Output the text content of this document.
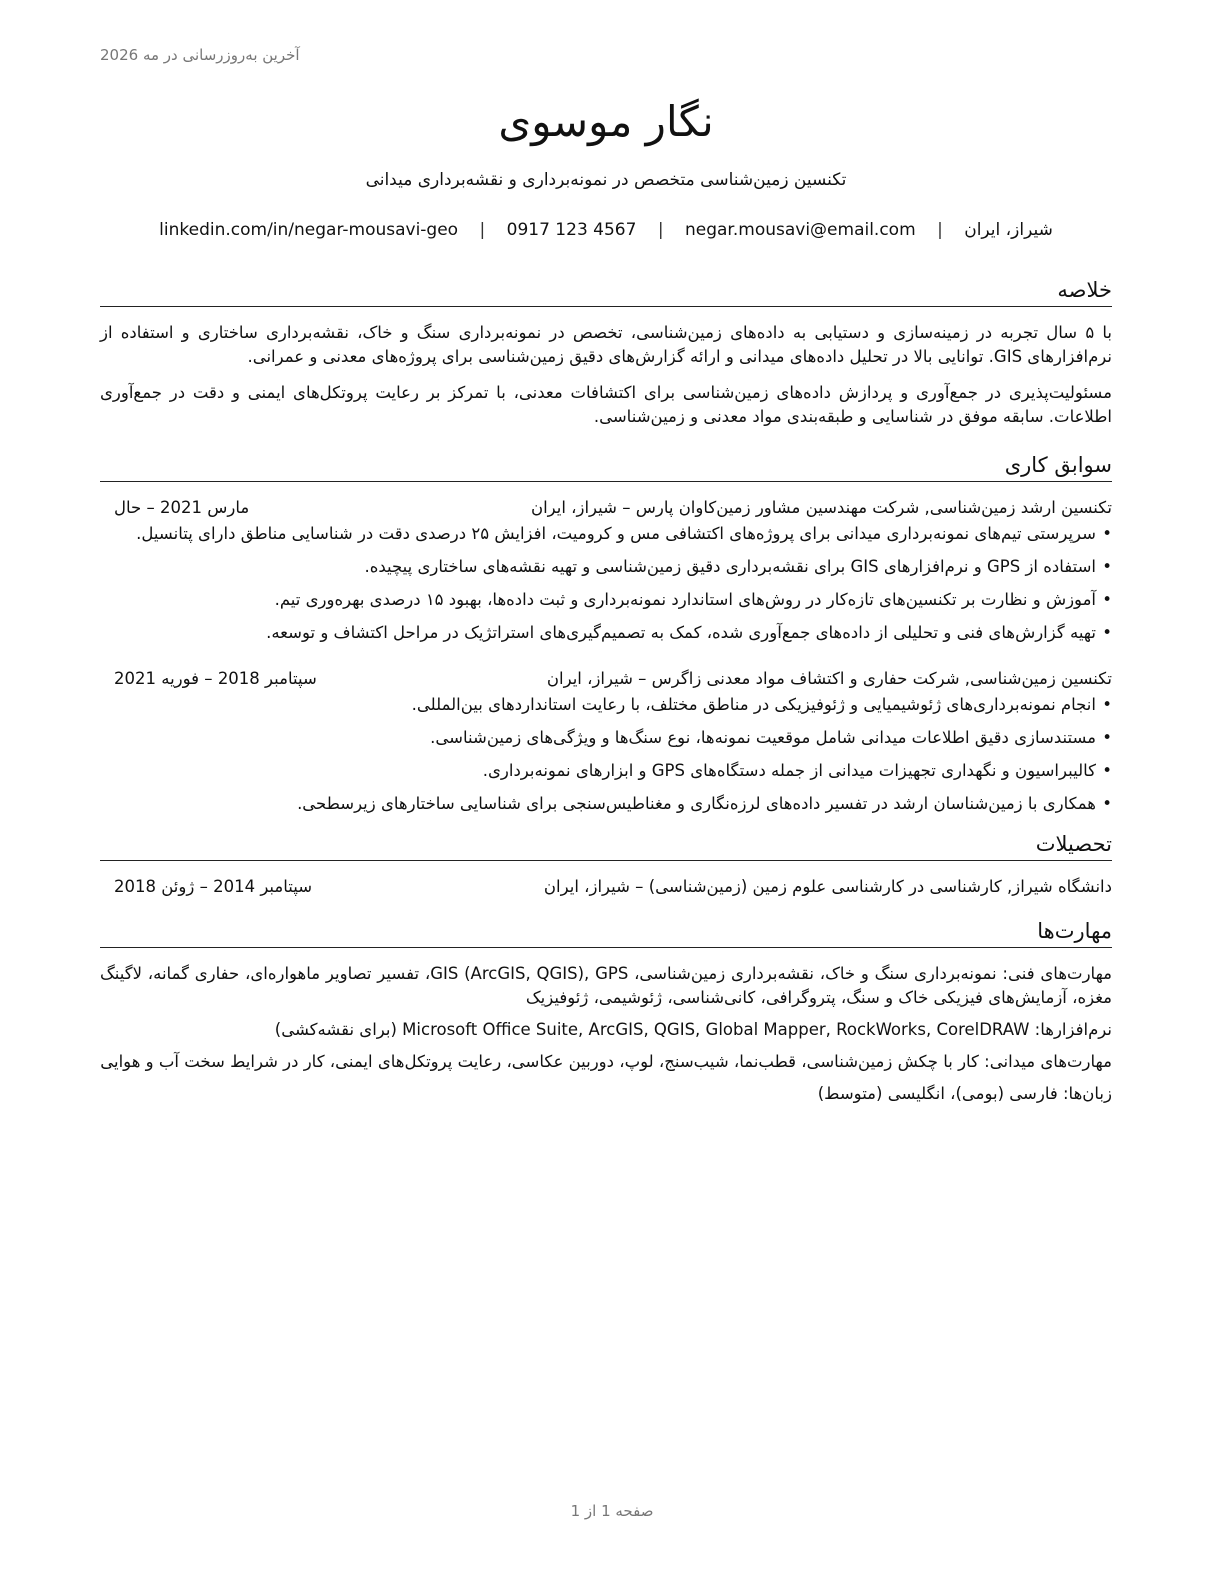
آخرین به‌روزرسانی در مه 2026
نگار موسوی
تکنسین زمین‌شناسی متخصص در نمونه‌برداری و نقشه‌برداری میدانی
شیراز، ایران | negar.mousavi@email.com | 0917 123 4567 | linkedin.com/in/negar-mousavi-geo
خلاصه

با ۵ سال تجربه در زمینه‌سازی و دستیابی به داده‌های زمین‌شناسی، تخصص در نمونه‌برداری سنگ و خاک، نقشه‌برداری ساختاری و استفاده از نرم‌افزارهای GIS. توانایی بالا در تحلیل داده‌های میدانی و ارائه گزارش‌های دقیق زمین‌شناسی برای پروژه‌های معدنی و عمرانی.

مسئولیت‌پذیری در جمع‌آوری و پردازش داده‌های زمین‌شناسی برای اکتشافات معدنی، با تمرکز بر رعایت پروتکل‌های ایمنی و دقت در جمع‌آوری اطلاعات. سابقه موفق در شناسایی و طبقه‌بندی مواد معدنی و زمین‌شناسی.

سوابق کاری
تکنسین ارشد زمین‌شناسی, شرکت مهندسین مشاور زمین‌کاوان پارس – شیراز، ایران
مارس 2021 – حال
• سرپرستی تیم‌های نمونه‌برداری میدانی برای پروژه‌های اکتشافی مس و کرومیت، افزایش ۲۵ درصدی دقت در شناسایی مناطق دارای پتانسیل.
• استفاده از GPS و نرم‌افزارهای GIS برای نقشه‌برداری دقیق زمین‌شناسی و تهیه نقشه‌های ساختاری پیچیده.
• آموزش و نظارت بر تکنسین‌های تازه‌کار در روش‌های استاندارد نمونه‌برداری و ثبت داده‌ها، بهبود ۱۵ درصدی بهره‌وری تیم.
• تهیه گزارش‌های فنی و تحلیلی از داده‌های جمع‌آوری شده، کمک به تصمیم‌گیری‌های استراتژیک در مراحل اکتشاف و توسعه.
تکنسین زمین‌شناسی, شرکت حفاری و اکتشاف مواد معدنی زاگرس – شیراز، ایران
سپتامبر 2018 – فوریه 2021
• انجام نمونه‌برداری‌های ژئوشیمیایی و ژئوفیزیکی در مناطق مختلف، با رعایت استانداردهای بین‌المللی.
• مستندسازی دقیق اطلاعات میدانی شامل موقعیت نمونه‌ها، نوع سنگ‌ها و ویژگی‌های زمین‌شناسی.
• کالیبراسیون و نگهداری تجهیزات میدانی از جمله دستگاه‌های GPS و ابزارهای نمونه‌برداری.
• همکاری با زمین‌شناسان ارشد در تفسیر داده‌های لرزه‌نگاری و مغناطیس‌سنجی برای شناسایی ساختارهای زیرسطحی.
تحصیلات
دانشگاه شیراز, کارشناسی در کارشناسی علوم زمین (زمین‌شناسی) – شیراز، ایران
سپتامبر 2014 – ژوئن 2018
مهارت‌ها

مهارت‌های فنی: نمونه‌برداری سنگ و خاک، نقشه‌برداری زمین‌شناسی، GIS (ArcGIS, QGIS), GPS، تفسیر تصاویر ماهواره‌ای، حفاری گمانه، لاگینگ مغزه، آزمایش‌های فیزیکی خاک و سنگ، پتروگرافی، کانی‌شناسی، ژئوشیمی، ژئوفیزیک

نرم‌افزارها: Microsoft Office Suite, ArcGIS, QGIS, Global Mapper, RockWorks, CorelDRAW (برای نقشه‌کشی)

مهارت‌های میدانی: کار با چکش زمین‌شناسی، قطب‌نما، شیب‌سنج، لوپ، دوربین عکاسی، رعایت پروتکل‌های ایمنی، کار در شرایط سخت آب و هوایی

زبان‌ها: فارسی (بومی)، انگلیسی (متوسط)

صفحه 1 از 1
